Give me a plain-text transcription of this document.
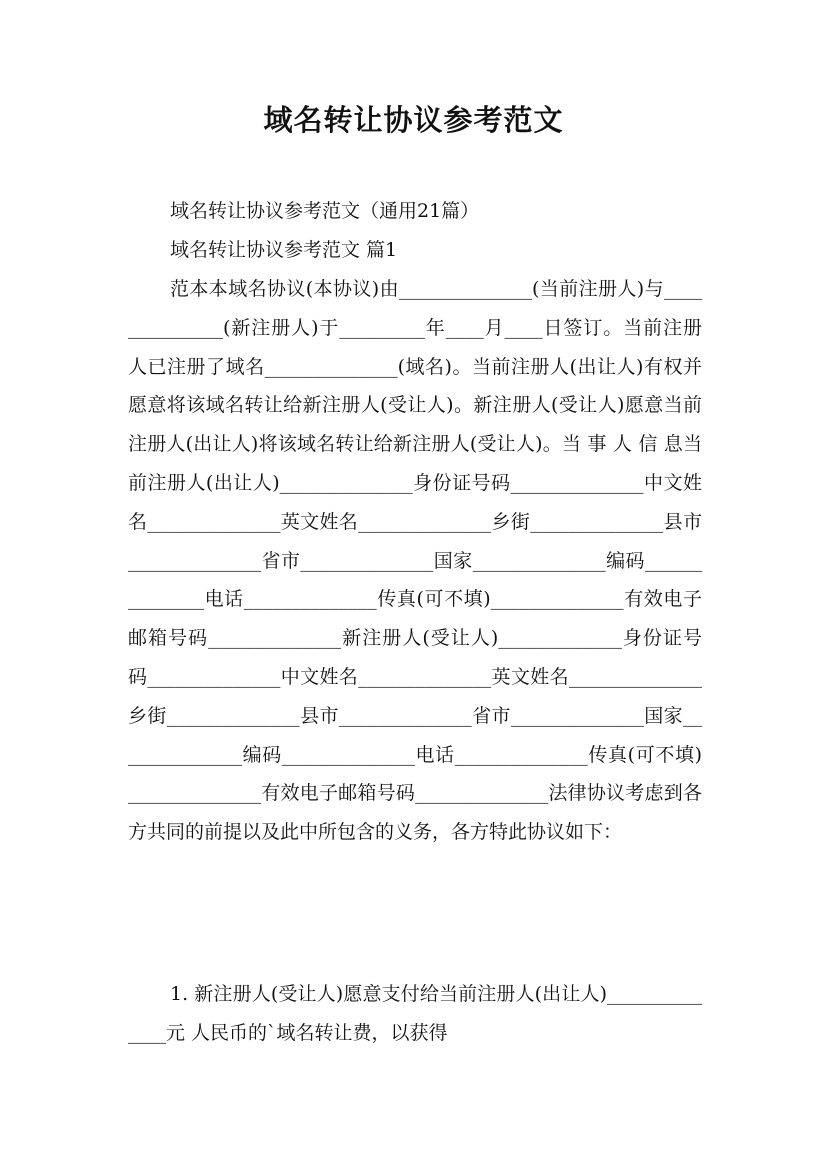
域名转让协议参考范文
域名转让协议参考范文（通用21篇）
域名转让协议参考范文 篇1
范本本域名协议(本协议)由______________(当前注册人)与______________(新注册人)于_________年____月____日签订。当前注册人已注册了域名______________(域名)。当前注册人(出让人)有权并愿意将该域名转让给新注册人(受让人)。新注册人(受让人)愿意当前注册人(出让人)将该域名转让给新注册人(受让人)。当 事 人 信 息当前注册人(出让人)______________身份证号码______________中文姓名______________英文姓名______________乡街______________县市______________省市______________国家______________编码______________电话______________传真(可不填)______________有效电子邮箱号码______________新注册人(受让人)_____________身份证号码______________中文姓名______________英文姓名______________乡街______________县市______________省市______________国家______________编码______________电话______________传真(可不填)______________有效电子邮箱号码______________法律协议考虑到各方共同的前提以及此中所包含的义务，各方特此协议如下：
1. 新注册人(受让人)愿意支付给当前注册人(出让人)______________元 人民币的`域名转让费，以获得
